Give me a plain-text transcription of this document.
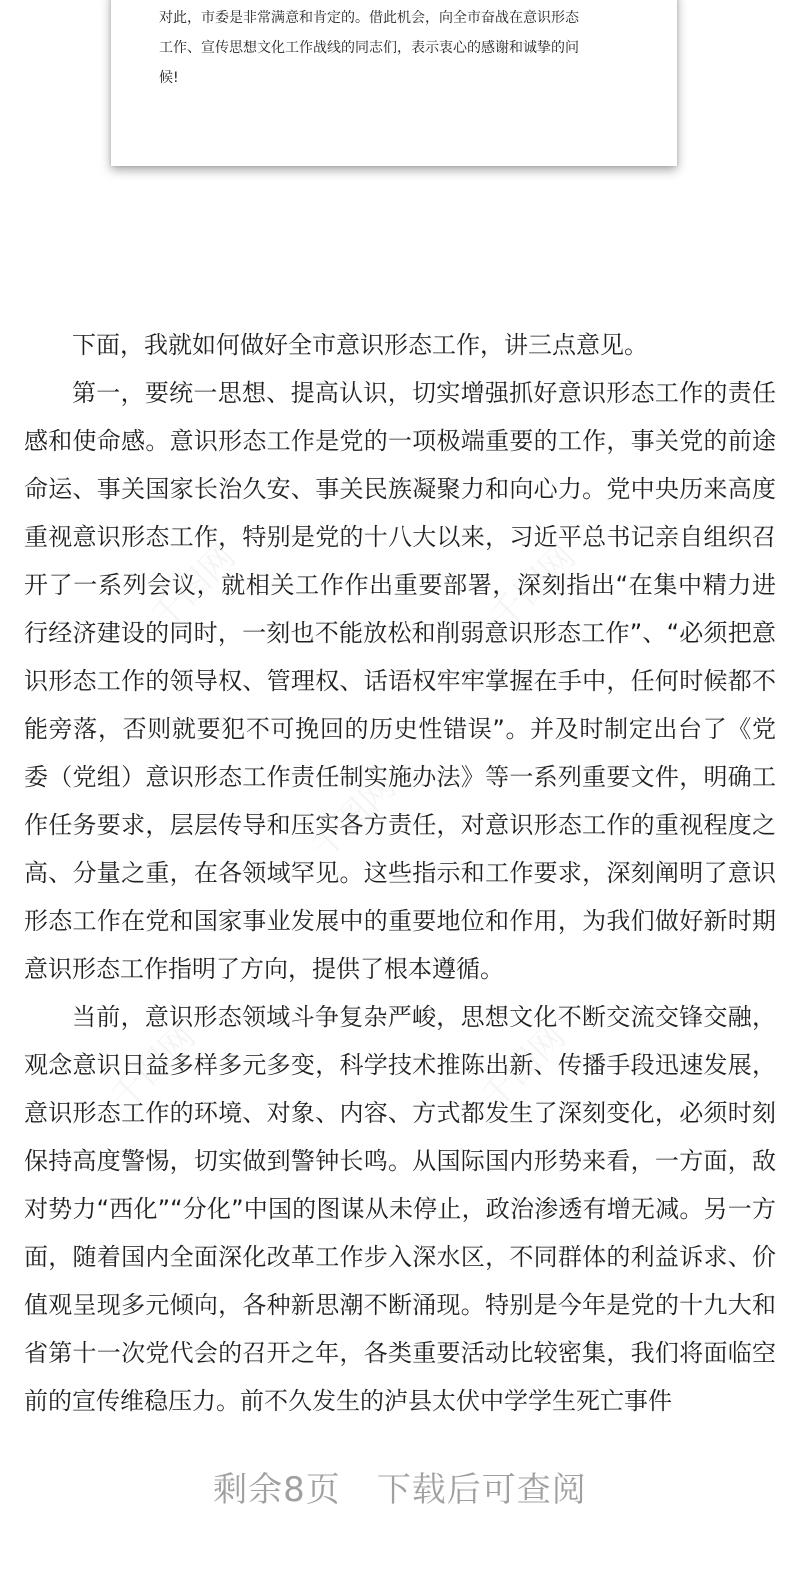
对此，市委是非常满意和肯定的。借此机会，向全市奋战在意识形态

工作、宣传思想文化工作战线的同志们，表示衷心的感谢和诚挚的问

候!

下面，我就如何做好全市意识形态工作，讲三点意见。

第一，要统一思想、提高认识，切实增强抓好意识形态工作的责任感和使命感。意识形态工作是党的一项极端重要的工作，事关党的前途命运、事关国家长治久安、事关民族凝聚力和向心力。党中央历来高度重视意识形态工作，特别是党的十八大以来，习近平总书记亲自组织召开了一系列会议，就相关工作作出重要部署，深刻指出“在集中精力进行经济建设的同时，一刻也不能放松和削弱意识形态工作”、“必须把意识形态工作的领导权、管理权、话语权牢牢掌握在手中，任何时候都不能旁落，否则就要犯不可挽回的历史性错误”。并及时制定出台了《党委（党组）意识形态工作责任制实施办法》等一系列重要文件，明确工作任务要求，层层传导和压实各方责任，对意识形态工作的重视程度之高、分量之重，在各领域罕见。这些指示和工作要求，深刻阐明了意识形态工作在党和国家事业发展中的重要地位和作用，为我们做好新时期意识形态工作指明了方向，提供了根本遵循。

当前，意识形态领域斗争复杂严峻，思想文化不断交流交锋交融，观念意识日益多样多元多变，科学技术推陈出新、传播手段迅速发展，意识形态工作的环境、对象、内容、方式都发生了深刻变化，必须时刻保持高度警惕，切实做到警钟长鸣。从国际国内形势来看，一方面，敌对势力“西化”“分化”中国的图谋从未停止，政治渗透有增无减。另一方面，随着国内全面深化改革工作步入深水区，不同群体的利益诉求、价值观呈现多元倾向，各种新思潮不断涌现。特别是今年是党的十九大和省第十一次党代会的召开之年，各类重要活动比较密集，我们将面临空前的宣传维稳压力。前不久发生的泸县太伏中学学生死亡事件

剩余8页 下载后可查阅
